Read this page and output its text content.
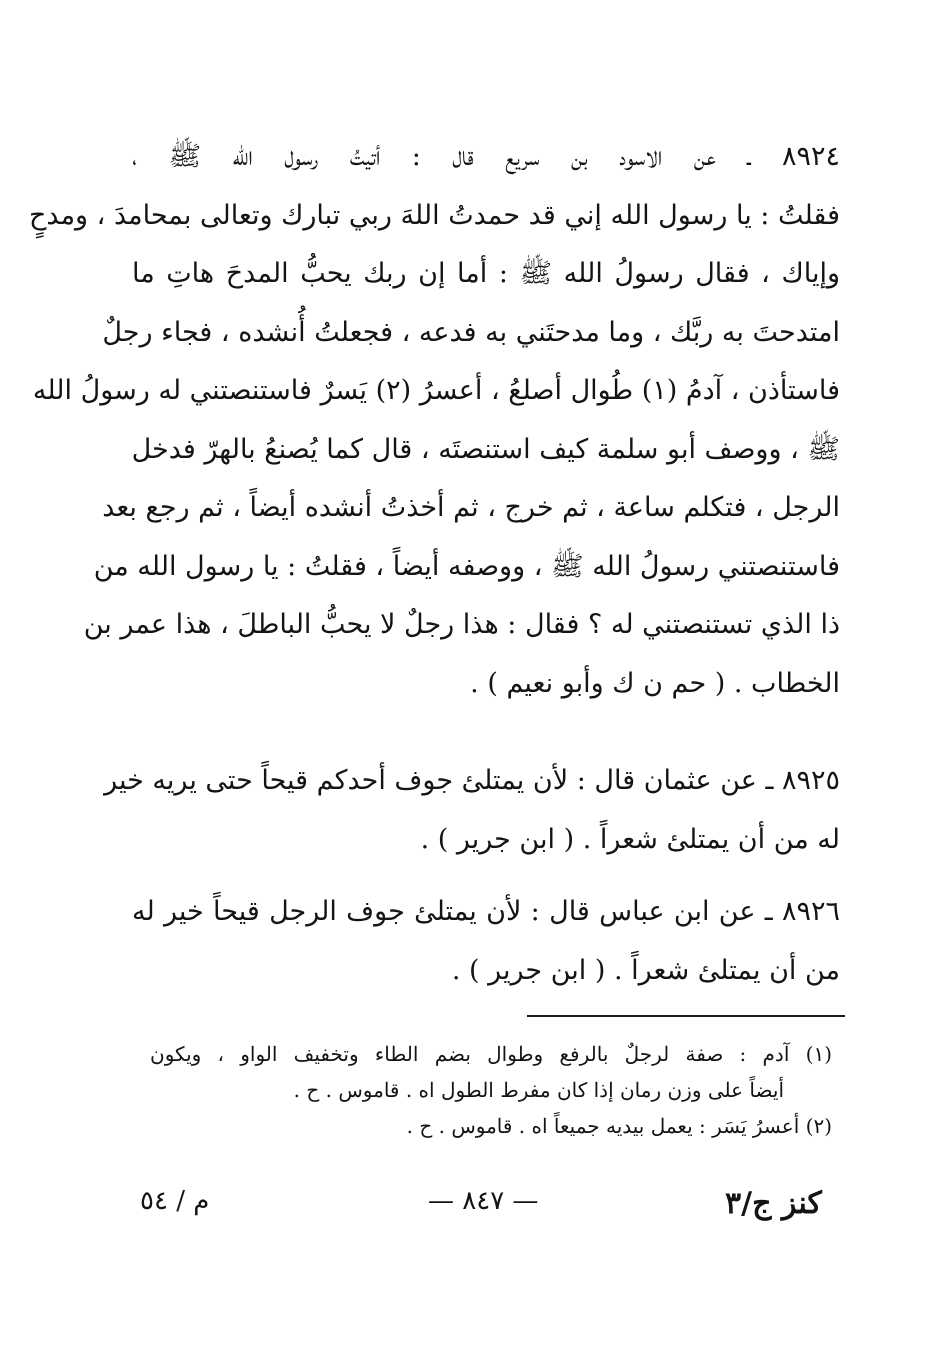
٨٩٢٤ ـ عن الاسود بن سريع قال : أتيتُ رسول الله ﷺ ،
فقلتُ : يا رسول الله إني قد حمدتُ اللهَ ربي تبارك وتعالى بمحامدَ ، ومدحٍ
وإياك ، فقال رسولُ الله ﷺ : أما إن ربك يحبُّ المدحَ هاتِ ما
امتدحتَ به ربَّك ، وما مدحتَني به فدعه ، فجعلتُ أُنشده ، فجاء رجلٌ
فاستأذن ، آدمُ (١) طُوال أصلعُ ، أعسرُ (٢) يَسرٌ فاستنصتني له رسولُ الله
ﷺ ، ووصف أبو سلمة كيف استنصتَه ، قال كما يُصنعُ بالهرّ فدخل
الرجل ، فتكلم ساعة ، ثم خرج ، ثم أخذتُ أنشده أيضاً ، ثم رجع بعد
فاستنصتني رسولُ الله ﷺ ، ووصفه أيضاً ، فقلتُ : يا رسول الله من
ذا الذي تستنصتني له ؟ فقال : هذا رجلٌ لا يحبُّ الباطلَ ، هذا عمر بن
الخطاب . ( حم ن ك وأبو نعيم ) .
٨٩٢٥ ـ عن عثمان قال : لأن يمتلئ جوف أحدكم قيحاً حتى يريه خير
له من أن يمتلئ شعراً . ( ابن جرير ) .
٨٩٢٦ ـ عن ابن عباس قال : لأن يمتلئ جوف الرجل قيحاً خير له
من أن يمتلئ شعراً . ( ابن جرير ) .
(١) آدم : صفة لرجلٌ بالرفع وطوال بضم الطاء وتخفيف الواو ، ويكون
أيضاً على وزن رمان إذا كان مفرط الطول اه . قاموس . ح .
(٢) أعسرُ يَسَر : يعمل بيديه جميعاً اه . قاموس . ح .
كنز ج/٣
— ٨٤٧ —
م / ٥٤
